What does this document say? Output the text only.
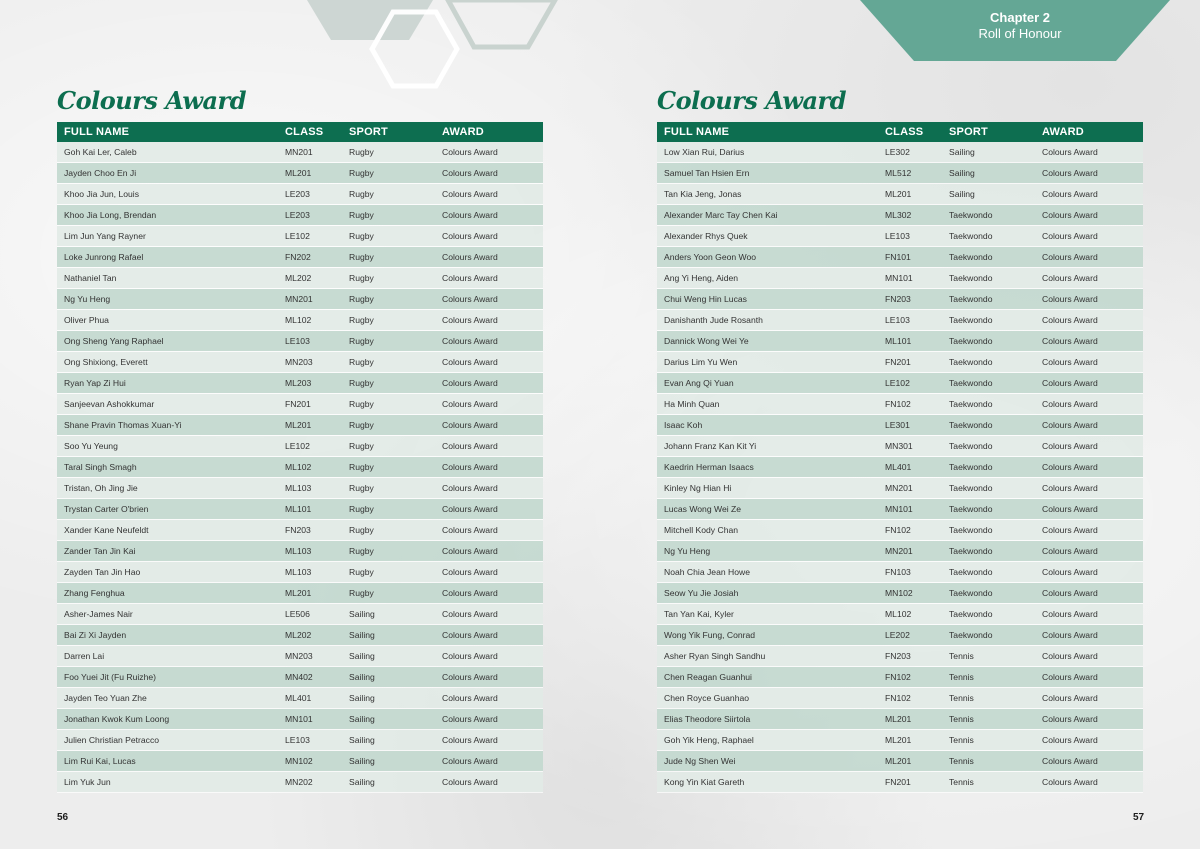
Chapter 2
Roll of Honour
Colours Award
FULL NAME	CLASS	SPORT	AWARD
Goh Kai Ler, Caleb	MN201	Rugby	Colours Award
Jayden Choo En Ji	ML201	Rugby	Colours Award
Khoo Jia Jun, Louis	LE203	Rugby	Colours Award
Khoo Jia Long, Brendan	LE203	Rugby	Colours Award
Lim Jun Yang Rayner	LE102	Rugby	Colours Award
Loke Junrong Rafael	FN202	Rugby	Colours Award
Nathaniel Tan	ML202	Rugby	Colours Award
Ng Yu Heng	MN201	Rugby	Colours Award
Oliver Phua	ML102	Rugby	Colours Award
Ong Sheng Yang Raphael	LE103	Rugby	Colours Award
Ong Shixiong, Everett	MN203	Rugby	Colours Award
Ryan Yap Zi Hui	ML203	Rugby	Colours Award
Sanjeevan Ashokkumar	FN201	Rugby	Colours Award
Shane Pravin Thomas Xuan-Yi	ML201	Rugby	Colours Award
Soo Yu Yeung	LE102	Rugby	Colours Award
Taral Singh Smagh	ML102	Rugby	Colours Award
Tristan, Oh Jing Jie	ML103	Rugby	Colours Award
Trystan Carter O'brien	ML101	Rugby	Colours Award
Xander Kane Neufeldt	FN203	Rugby	Colours Award
Zander Tan Jin Kai	ML103	Rugby	Colours Award
Zayden Tan Jin Hao	ML103	Rugby	Colours Award
Zhang Fenghua	ML201	Rugby	Colours Award
Asher-James Nair	LE506	Sailing	Colours Award
Bai Zi Xi Jayden	ML202	Sailing	Colours Award
Darren Lai	MN203	Sailing	Colours Award
Foo Yuei Jit (Fu Ruizhe)	MN402	Sailing	Colours Award
Jayden Teo Yuan Zhe	ML401	Sailing	Colours Award
Jonathan Kwok Kum Loong	MN101	Sailing	Colours Award
Julien Christian Petracco	LE103	Sailing	Colours Award
Lim Rui Kai, Lucas	MN102	Sailing	Colours Award
Lim Yuk Jun	MN202	Sailing	Colours Award
56
Colours Award
FULL NAME	CLASS	SPORT	AWARD
Low Xian Rui, Darius	LE302	Sailing	Colours Award
Samuel Tan Hsien Ern	ML512	Sailing	Colours Award
Tan Kia Jeng, Jonas	ML201	Sailing	Colours Award
Alexander Marc Tay Chen Kai	ML302	Taekwondo	Colours Award
Alexander Rhys Quek	LE103	Taekwondo	Colours Award
Anders Yoon Geon Woo	FN101	Taekwondo	Colours Award
Ang Yi Heng, Aiden	MN101	Taekwondo	Colours Award
Chui Weng Hin Lucas	FN203	Taekwondo	Colours Award
Danishanth Jude Rosanth	LE103	Taekwondo	Colours Award
Dannick Wong Wei Ye	ML101	Taekwondo	Colours Award
Darius Lim Yu Wen	FN201	Taekwondo	Colours Award
Evan Ang Qi Yuan	LE102	Taekwondo	Colours Award
Ha Minh Quan	FN102	Taekwondo	Colours Award
Isaac Koh	LE301	Taekwondo	Colours Award
Johann Franz Kan Kit Yi	MN301	Taekwondo	Colours Award
Kaedrin Herman Isaacs	ML401	Taekwondo	Colours Award
Kinley Ng Hian Hi	MN201	Taekwondo	Colours Award
Lucas Wong Wei Ze	MN101	Taekwondo	Colours Award
Mitchell Kody Chan	FN102	Taekwondo	Colours Award
Ng Yu Heng	MN201	Taekwondo	Colours Award
Noah Chia Jean Howe	FN103	Taekwondo	Colours Award
Seow Yu Jie Josiah	MN102	Taekwondo	Colours Award
Tan Yan Kai, Kyler	ML102	Taekwondo	Colours Award
Wong Yik Fung, Conrad	LE202	Taekwondo	Colours Award
Asher Ryan Singh Sandhu	FN203	Tennis	Colours Award
Chen Reagan Guanhui	FN102	Tennis	Colours Award
Chen Royce Guanhao	FN102	Tennis	Colours Award
Elias Theodore Siirtola	ML201	Tennis	Colours Award
Goh Yik Heng, Raphael	ML201	Tennis	Colours Award
Jude Ng Shen Wei	ML201	Tennis	Colours Award
Kong Yin Kiat Gareth	FN201	Tennis	Colours Award
57
